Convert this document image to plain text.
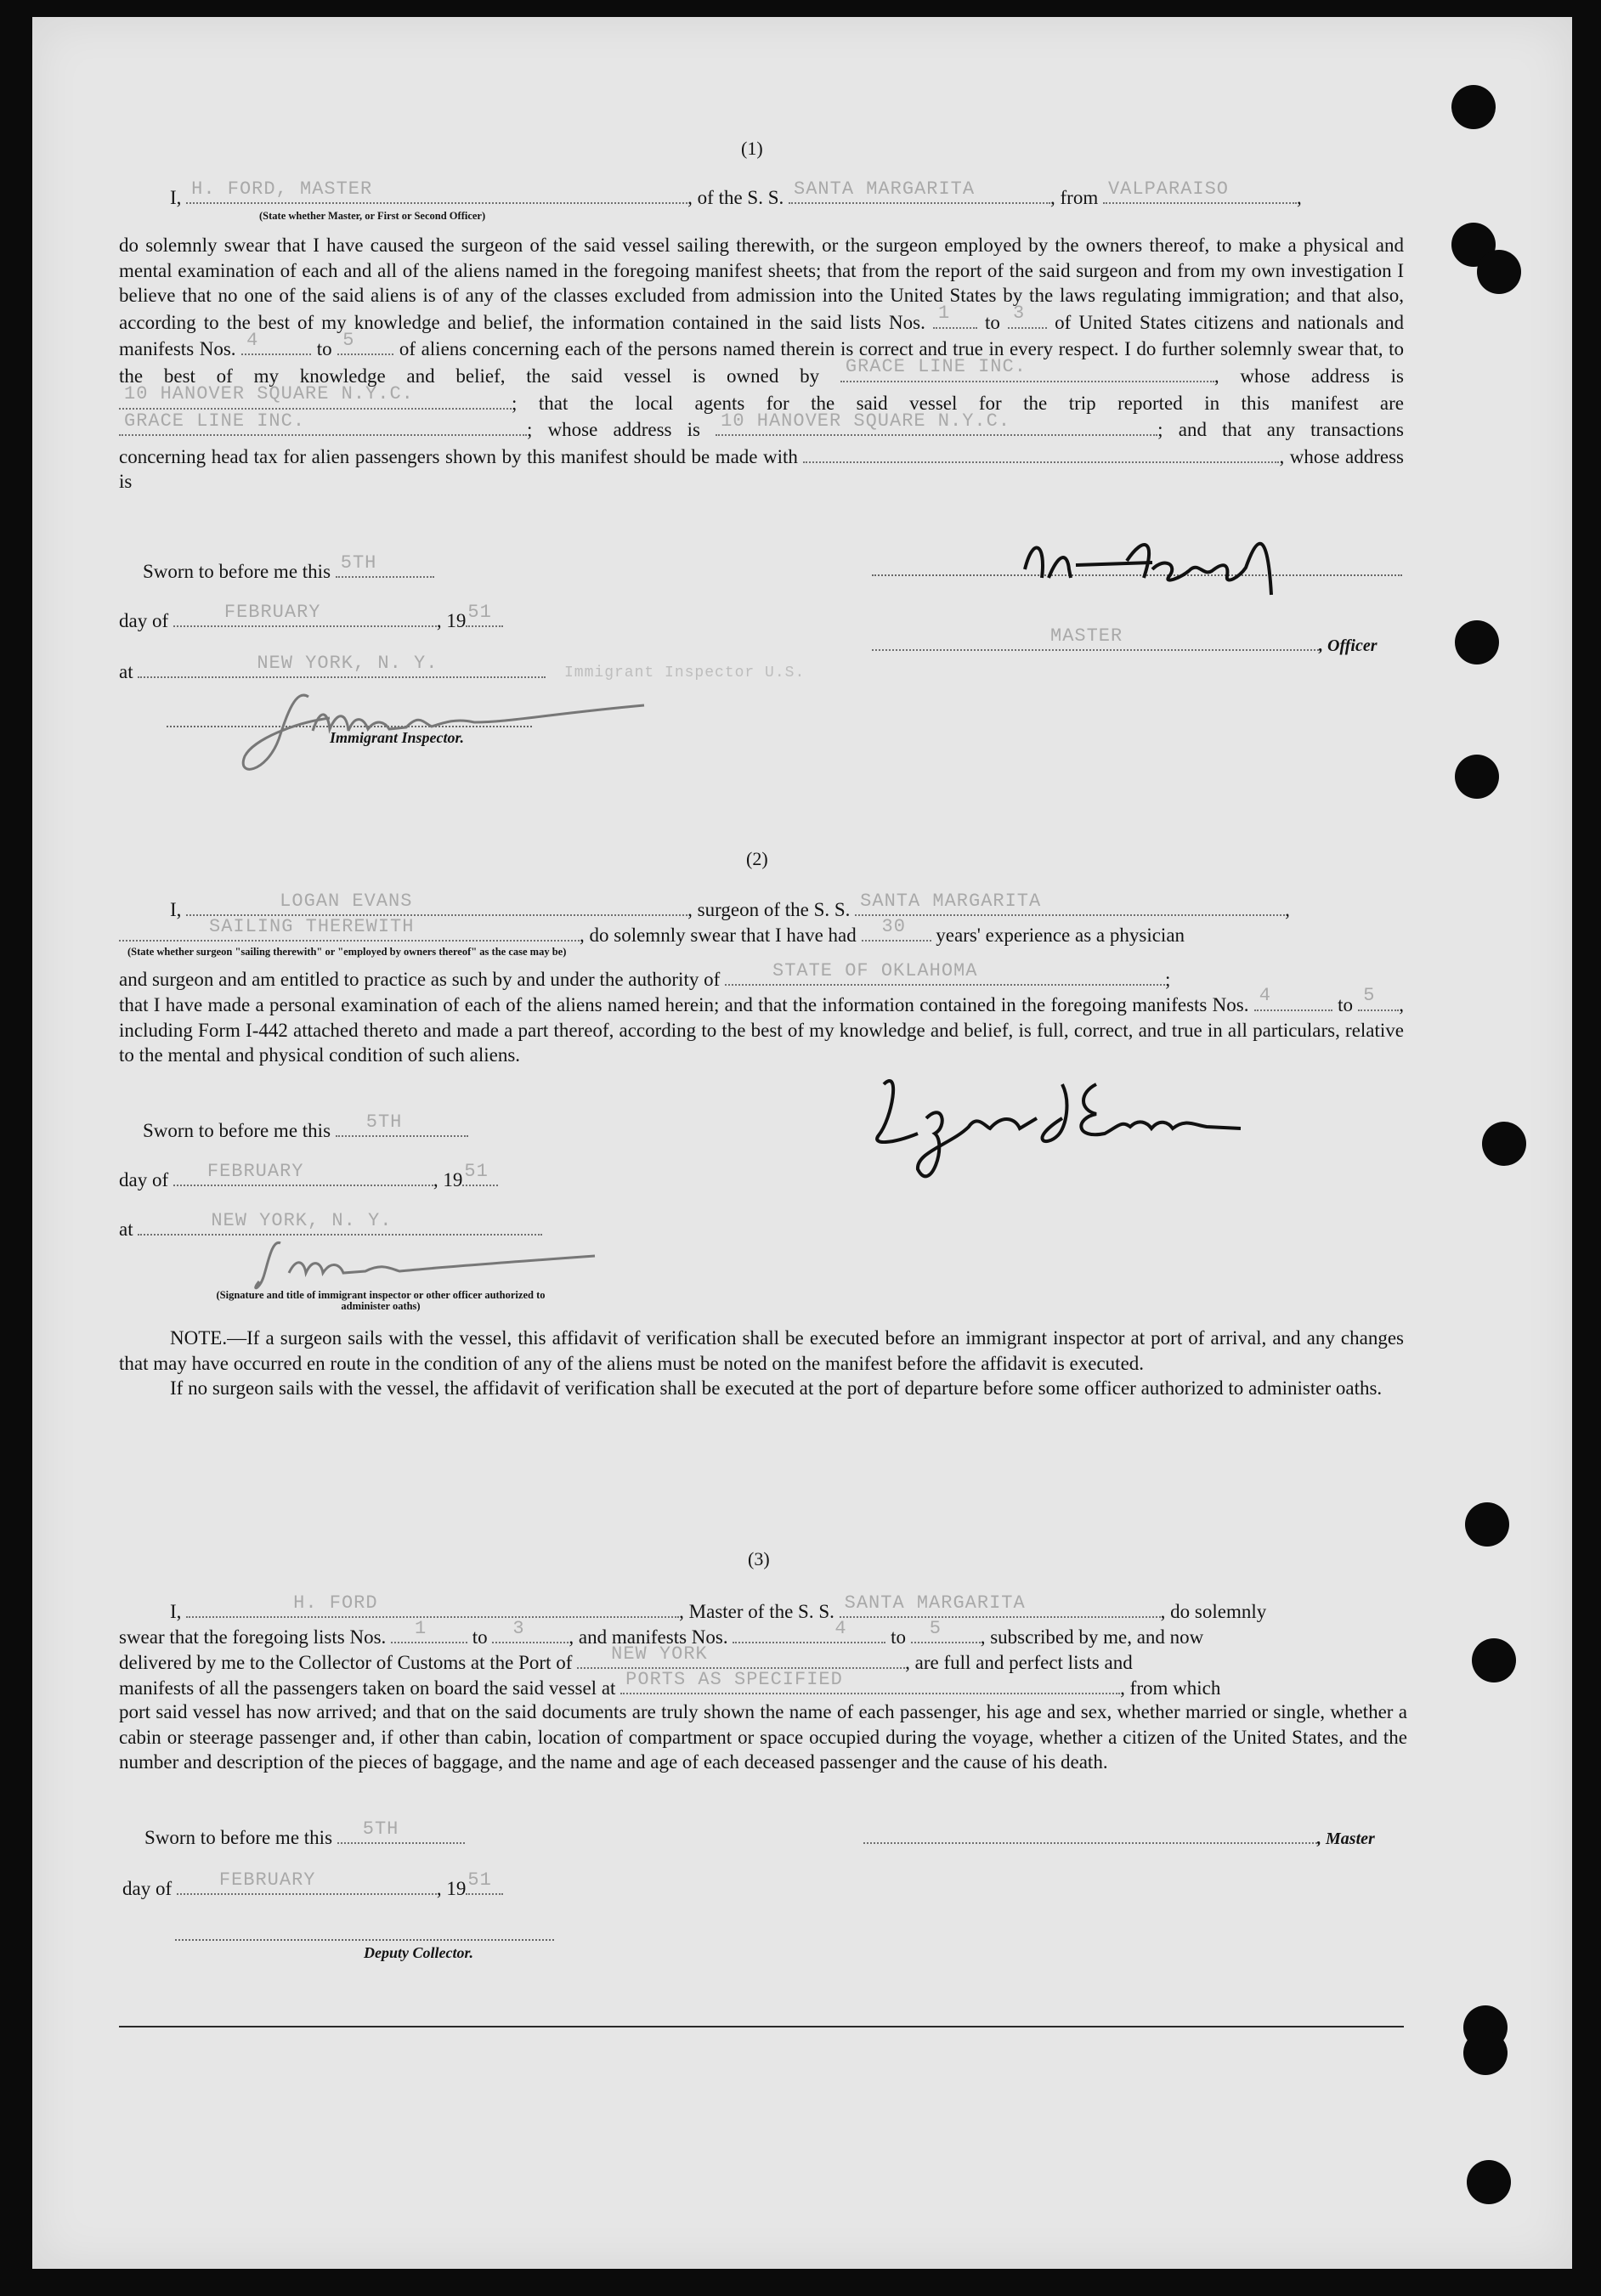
(1)
I, H. FORD, MASTER	, of the S. S. SANTA MARGARITA	, from VALPARAISO	,
(State whether Master, or First or Second Officer)

do solemnly swear that I have caused the surgeon of the said vessel sailing therewith, or the surgeon employed by the owners thereof, to make a physical and mental examination of each and all of the aliens named in the foregoing manifest sheets; that from the report of the said surgeon and from my own investigation I believe that no one of the said aliens is of any of the classes excluded from admission into the United States by the laws regulating immigration; and that also, according to the best of my knowledge and belief, the information contained in the said lists Nos. 1 to 3 of United States citizens and nationals and manifests Nos. 4	to 5 of aliens concerning each of the persons named therein is correct and true in every respect. I do further solemnly swear that, to the best of my knowledge and belief, the said vessel is owned by GRACE LINE INC.	, whose address is
10 HANOVER SQUARE N.Y.C.	; that the local agents for the said vessel for the trip reported in this manifest are
GRACE LINE INC.	; whose address is 10 HANOVER SQUARE N.Y.C.	; and that any transactions concerning head tax for alien passengers shown by this manifest should be made with	, whose address is

Sworn to before me this 5TH
day of	FEBRUARY	, 19 51
at	NEW YORK, N. Y.	Immigrant Inspector U.S.
MASTER	, Officer
Immigrant Inspector.
(2)
I,	LOGAN EVANS	, surgeon of the S. S. SANTA MARGARITA	,
SAILING THEREWITH	, do solemnly swear that I have had 30 years' experience as a physician
(State whether surgeon "sailing therewith" or "employed by owners thereof" as the case may be)
and surgeon and am entitled to practice as such by and under the authority of	STATE OF OKLAHOMA	;

that I have made a personal examination of each of the aliens named herein; and that the information contained in the foregoing manifests Nos. 4	to 5 , including Form I-442 attached thereto and made a part thereof, according to the best of my knowledge and belief, is full, correct, and true in all particulars, relative to the mental and physical condition of such aliens.

Sworn to before me this 5TH
day of FEBRUARY	, 19 51
at	NEW YORK, N. Y.
(Signature and title of immigrant inspector or other officer authorized to administer oaths)

NOTE.—If a surgeon sails with the vessel, this affidavit of verification shall be executed before an immigrant inspector at port of arrival, and any changes that may have occurred en route in the condition of any of the aliens must be noted on the manifest before the affidavit is executed.

If no surgeon sails with the vessel, the affidavit of verification shall be executed at the port of departure before some officer authorized to administer oaths.

(3)
I,	H. FORD	, Master of the S. S. SANTA MARGARITA	, do solemnly
swear that the foregoing lists Nos. 1 to 3 , and manifests Nos.	4 to 5 , subscribed by me, and now
delivered by me to the Collector of Customs at the Port of NEW YORK	, are full and perfect lists and
manifests of all the passengers taken on board the said vessel at PORTS AS SPECIFIED	, from which

port said vessel has now arrived; and that on the said documents are truly shown the name of each passenger, his age and sex, whether married or single, whether a cabin or steerage passenger and, if other than cabin, location of compartment or space occupied during the voyage, whether a citizen of the United States, and the number and description of the pieces of baggage, and the name and age of each deceased passenger and the cause of his death.

Sworn to before me this 5TH	, Master
day of	FEBRUARY	, 19 51
Deputy Collector.
